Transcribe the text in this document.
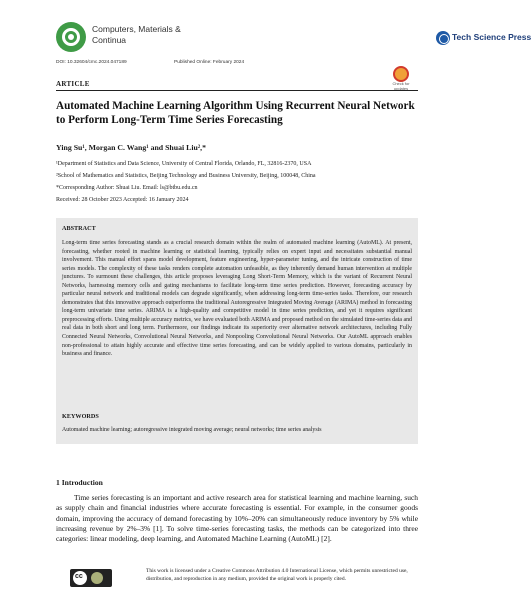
Computers, Materials &
Continua	Tech Science Press
DOI: 10.32604/cmc.2024.047189	Published Online: February 2024
Check for
updates
ARTICLE
Automated Machine Learning Algorithm Using Recurrent Neural Network to Perform Long-Term Time Series Forecasting
Ying Su¹, Morgan C. Wang¹ and Shuai Liu²,*
¹Department of Statistics and Data Science, University of Central Florida, Orlando, FL, 32816-2370, USA
²School of Mathematics and Statistics, Beijing Technology and Business University, Beijing, 100048, China
*Corresponding Author: Shuai Liu. Email: ls@btbu.edu.cn
Received: 28 October 2023 Accepted: 16 January 2024
ABSTRACT
Long-term time series forecasting stands as a crucial research domain within the realm of automated machine learning (AutoML). At present, forecasting, whether rooted in machine learning or statistical learning, typically relies on expert input and necessitates substantial manual involvement. This manual effort spans model development, feature engineering, hyper-parameter tuning, and the intricate construction of time series models. The complexity of these tasks renders complete automation unfeasible, as they inherently demand human intervention at multiple junctures. To surmount these challenges, this article proposes leveraging Long Short-Term Memory, which is the variant of Recurrent Neural Networks, harnessing memory cells and gating mechanisms to facilitate long-term time series prediction. However, forecasting accuracy by particular neural network and traditional models can degrade significantly, when addressing long-term time-series tasks. Therefore, our research demonstrates that this innovative approach outperforms the traditional Autoregressive Integrated Moving Average (ARIMA) method in forecasting long-term univariate time series. ARIMA is a high-quality and competitive model in time series prediction, and yet it requires significant preprocessing efforts. Using multiple accuracy metrics, we have evaluated both ARIMA and proposed method on the simulated time-series data and real data in both short and long term. Furthermore, our findings indicate its superiority over alternative network architectures, including Fully Connected Neural Networks, Convolutional Neural Networks, and Nonpooling Convolutional Neural Networks. Our AutoML approach enables non-professional to attain highly accurate and effective time series forecasting, and can be widely applied to various domains, particularly in business and finance.
KEYWORDS
Automated machine learning; autoregressive integrated moving average; neural networks; time series analysis
1 Introduction
Time series forecasting is an important and active research area for statistical learning and machine learning, such as supply chain and financial industries where accurate forecasting is essential. For example, in the consumer goods domain, improving the accuracy of demand forecasting by 10%–20% can simultaneously reduce inventory by 5% while increasing revenue by 2%–3% [1]. To solve time-series forecasting tasks, the methods can be categorized into three categories: linear modeling, deep learning, and Automated Machine Learning (AutoML) [2].
cc
This work is licensed under a Creative Commons Attribution 4.0 International License, which permits unrestricted use, distribution, and reproduction in any medium, provided the original work is properly cited.
